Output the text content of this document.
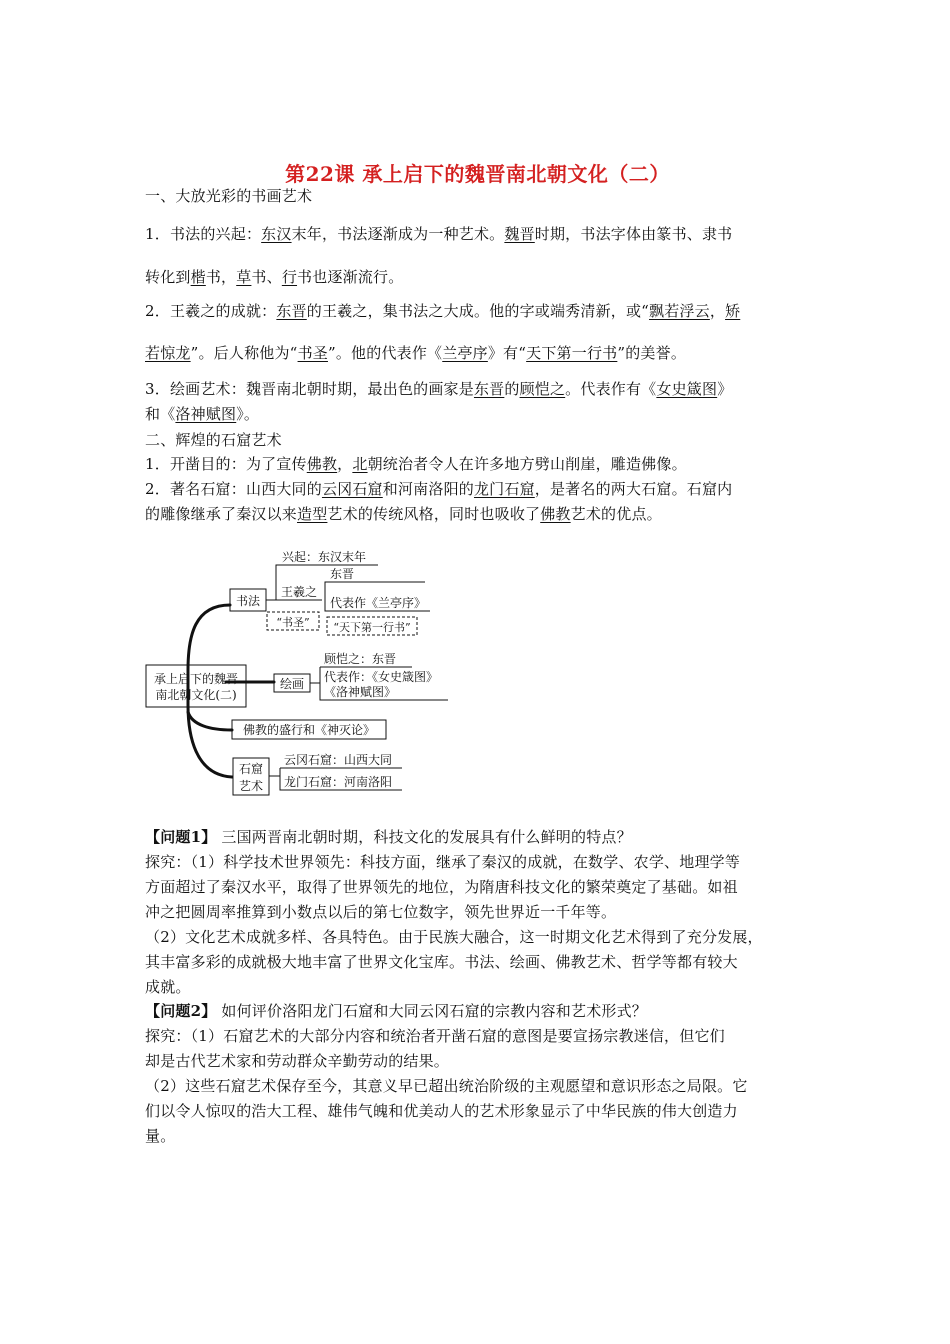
第22课 承上启下的魏晋南北朝文化（二）
一、大放光彩的书画艺术
1．书法的兴起：东汉末年，书法逐渐成为一种艺术。魏晋时期，书法字体由篆书、隶书
转化到楷书，草书、行书也逐渐流行。
2．王羲之的成就：东晋的王羲之，集书法之大成。他的字或端秀清新，或“飘若浮云，矫
若惊龙”。后人称他为“书圣”。他的代表作《兰亭序》有“天下第一行书”的美誉。
3．绘画艺术：魏晋南北朝时期，最出色的画家是东晋的顾恺之。代表作有《女史箴图》
和《洛神赋图》。
二、辉煌的石窟艺术
1．开凿目的：为了宣传佛教，北朝统治者令人在许多地方劈山削崖，雕造佛像。
2．著名石窟：山西大同的云冈石窟和河南洛阳的龙门石窟，是著名的两大石窟。石窟内
的雕像继承了秦汉以来造型艺术的传统风格，同时也吸收了佛教艺术的优点。
承上启下的魏晋
南北朝文化(二)
书法
兴起：东汉末年
东晋
王羲之
代表作《兰亭序》
“书圣” “天下第一行书”
绘画
顾恺之：东晋
代表作：《女史箴图》
《洛神赋图》
佛教的盛行和《神灭论》
石窟
艺术
云冈石窟：山西大同
龙门石窟：河南洛阳
【问题1】 三国两晋南北朝时期，科技文化的发展具有什么鲜明的特点？
探究：（1）科学技术世界领先：科技方面，继承了秦汉的成就，在数学、农学、地理学等
方面超过了秦汉水平，取得了世界领先的地位，为隋唐科技文化的繁荣奠定了基础。如祖
冲之把圆周率推算到小数点以后的第七位数字，领先世界近一千年等。
（2）文化艺术成就多样、各具特色。由于民族大融合，这一时期文化艺术得到了充分发展，
其丰富多彩的成就极大地丰富了世界文化宝库。书法、绘画、佛教艺术、哲学等都有较大
成就。
【问题2】 如何评价洛阳龙门石窟和大同云冈石窟的宗教内容和艺术形式？
探究：（1）石窟艺术的大部分内容和统治者开凿石窟的意图是要宣扬宗教迷信，但它们
却是古代艺术家和劳动群众辛勤劳动的结果。
（2）这些石窟艺术保存至今，其意义早已超出统治阶级的主观愿望和意识形态之局限。它
们以令人惊叹的浩大工程、雄伟气魄和优美动人的艺术形象显示了中华民族的伟大创造力
量。
